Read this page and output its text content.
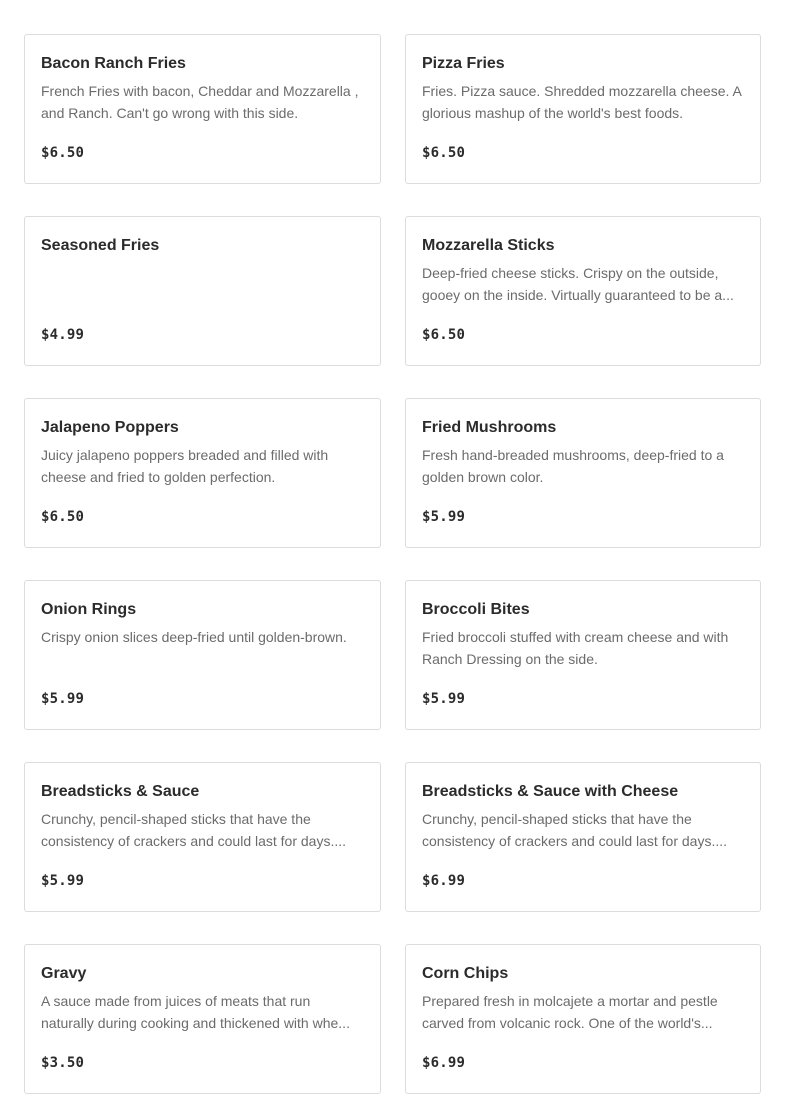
Bacon Ranch Fries
French Fries with bacon, Cheddar and Mozzarella , and Ranch. Can't go wrong with this side.
$6.50
Pizza Fries
Fries. Pizza sauce. Shredded mozzarella cheese. A glorious mashup of the world's best foods.
$6.50
Seasoned Fries
$4.99
Mozzarella Sticks
Deep-fried cheese sticks. Crispy on the outside, gooey on the inside. Virtually guaranteed to be a...
$6.50
Jalapeno Poppers
Juicy jalapeno poppers breaded and filled with cheese and fried to golden perfection.
$6.50
Fried Mushrooms
Fresh hand-breaded mushrooms, deep-fried to a golden brown color.
$5.99
Onion Rings
Crispy onion slices deep-fried until golden-brown.
$5.99
Broccoli Bites
Fried broccoli stuffed with cream cheese and with Ranch Dressing on the side.
$5.99
Breadsticks & Sauce
Crunchy, pencil-shaped sticks that have the consistency of crackers and could last for days....
$5.99
Breadsticks & Sauce with Cheese
Crunchy, pencil-shaped sticks that have the consistency of crackers and could last for days....
$6.99
Gravy
A sauce made from juices of meats that run naturally during cooking and thickened with whe...
$3.50
Corn Chips
Prepared fresh in molcajete a mortar and pestle carved from volcanic rock. One of the world's...
$6.99
